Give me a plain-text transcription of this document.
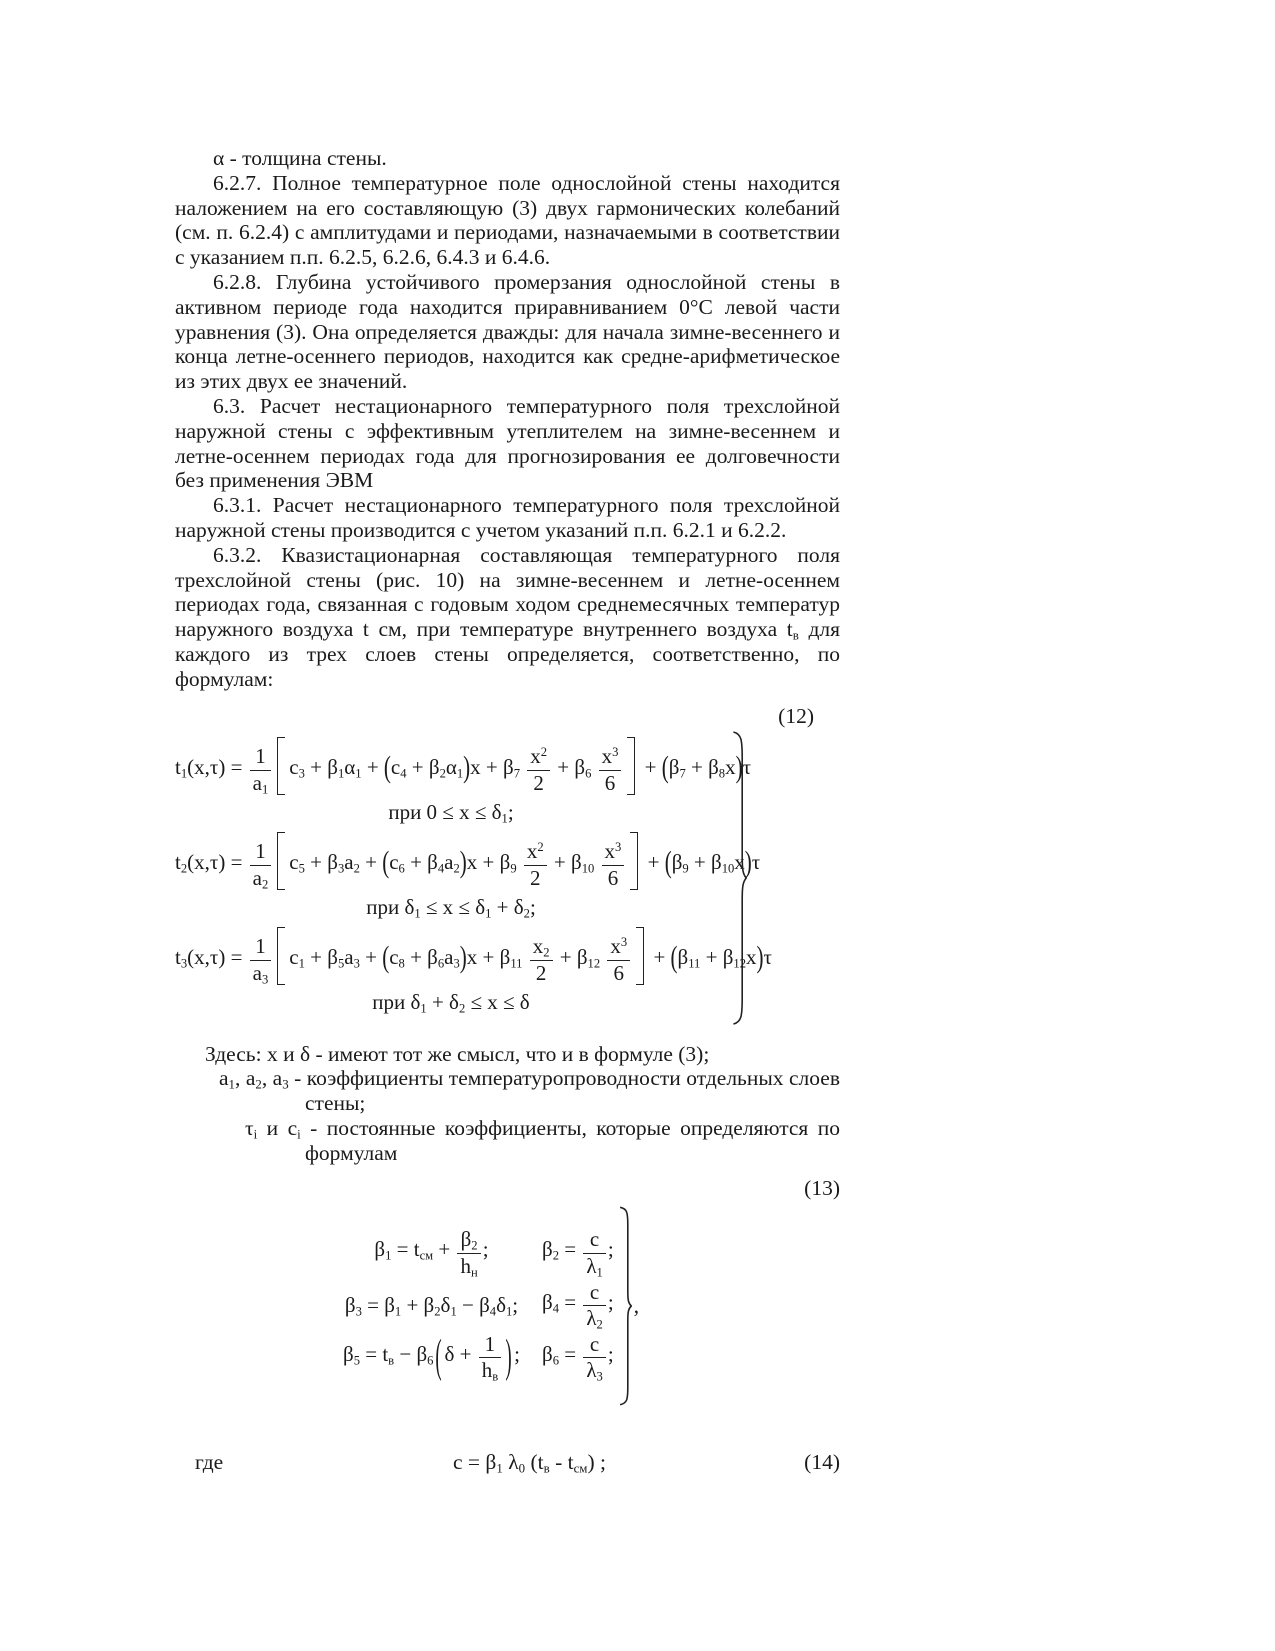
α - толщина стены.

6.2.7. Полное температурное поле однослойной стены находится наложением на его составляющую (3) двух гармонических колебаний (см. п. 6.2.4) с амплитудами и периодами, назначаемыми в соответствии с указанием п.п. 6.2.5, 6.2.6, 6.4.3 и 6.4.6.

6.2.8. Глубина устойчивого промерзания однослойной стены в активном периоде года находится приравниванием 0°С левой части уравнения (3). Она определяется дважды: для начала зимне-весеннего и конца летне-осеннего периодов, находится как средне-арифметическое из этих двух ее значений.

6.3. Расчет нестационарного температурного поля трехслойной наружной стены с эффективным утеплителем на зимне-весеннем и летне-осеннем периодах года для прогнозирования ее долговечности без применения ЭВМ

6.3.1. Расчет нестационарного температурного поля трехслойной наружной стены производится с учетом указаний п.п. 6.2.1 и 6.2.2.

6.3.2. Квазистационарная составляющая температурного поля трехслойной стены (рис. 10) на зимне-весеннем и летне-осеннем периодах года, связанная с годовым ходом среднемесячных температур наружного воздуха t см, при температуре внутреннего воздуха $t_в$ для каждого из трех слоев стены определяется, соответственно, по формулам:

(12)
$t_1(x,\tau) = \frac{1}{a_1} c_3 + \beta_1\alpha_1 + (c_4 + \beta_2\alpha_1)x + \beta_7 \frac{x^2}{2} + \beta_6 \frac{x^3}{6} + (\beta_7 + \beta_8x)\tau$
при $0 \le x \le \delta_1$;
$t_2(x,\tau) = \frac{1}{a_2} c_5 + \beta_3a_2 + (c_6 + \beta_4a_2)x + \beta_9 \frac{x^2}{2} + \beta_{10} \frac{x^3}{6} + (\beta_9 + \beta_{10}x)\tau$
при $\delta_1 \le x \le \delta_1 + \delta_2$;
$t_3(x,\tau) = \frac{1}{a_3} c_1 + \beta_5a_3 + (c_8 + \beta_6a_3)x + \beta_{11} \frac{x_2}{2} + \beta_{12} \frac{x^3}{6} + (\beta_{11} + \beta_{12}x)\tau$
при $\delta_1 + \delta_2 \le x \le \delta$

Здесь: x и δ - имеют тот же смысл, что и в формуле (3);

$а_1$, $а_2$, $а_3$ - коэффициенты температуропроводности отдельных слоев стены;

$\tau_i$ и $c_i$ - постоянные коэффициенты, которые определяются по формулам

(13)
$\beta_1 = t_{см} + \frac{\beta_2}{h_н}$ ;	$\beta_2 = \frac{c}{\lambda_1}$ ;
$\beta_3 = \beta_1 + \beta_2\delta_1 - \beta_4\delta_1$; $\beta_4 = \frac{c}{\lambda_2}$ ;
$\beta_5 = t_в - \beta_6$ ( $\delta + \frac{1}{h_в}$ ) ; $\beta_6 = \frac{c}{\lambda_3}$ ;
,
где	$c = \beta_1$ $\lambda_0$ $(t_в - t_{см})$ ;	(14)
